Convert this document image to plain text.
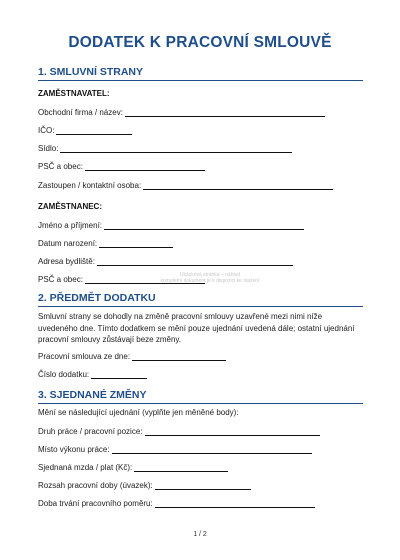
DODATEK K PRACOVNÍ SMLOUVĚ
1. SMLUVNÍ STRANY
ZAMĚSTNAVATEL:
Obchodní firma / název:
IČO:
Sídlo:
PSČ a obec:
Zastoupen / kontaktní osoba:
ZAMĚSTNANEC:
Jméno a příjmení:
Datum narození:
Adresa bydliště:
PSČ a obec:	Ukázková stránka – náhled
kompletní dokument je k dispozici ke stažení
2. PŘEDMĚT DODATKU
Smluvní strany se dohodly na změně pracovní smlouvy uzavřené mezi nimi níže uvedeného dne. Tímto dodatkem se mění pouze ujednání uvedená dále; ostatní ujednání pracovní smlouvy zůstávají beze změny.
Pracovní smlouva ze dne:
Číslo dodatku:
3. SJEDNANÉ ZMĚNY
Mění se následující ujednání (vyplňte jen měněné body):
Druh práce / pracovní pozice:
Místo výkonu práce:
Sjednaná mzda / plat (Kč):
Rozsah pracovní doby (úvazek):
Doba trvání pracovního poměru:
1 / 2
